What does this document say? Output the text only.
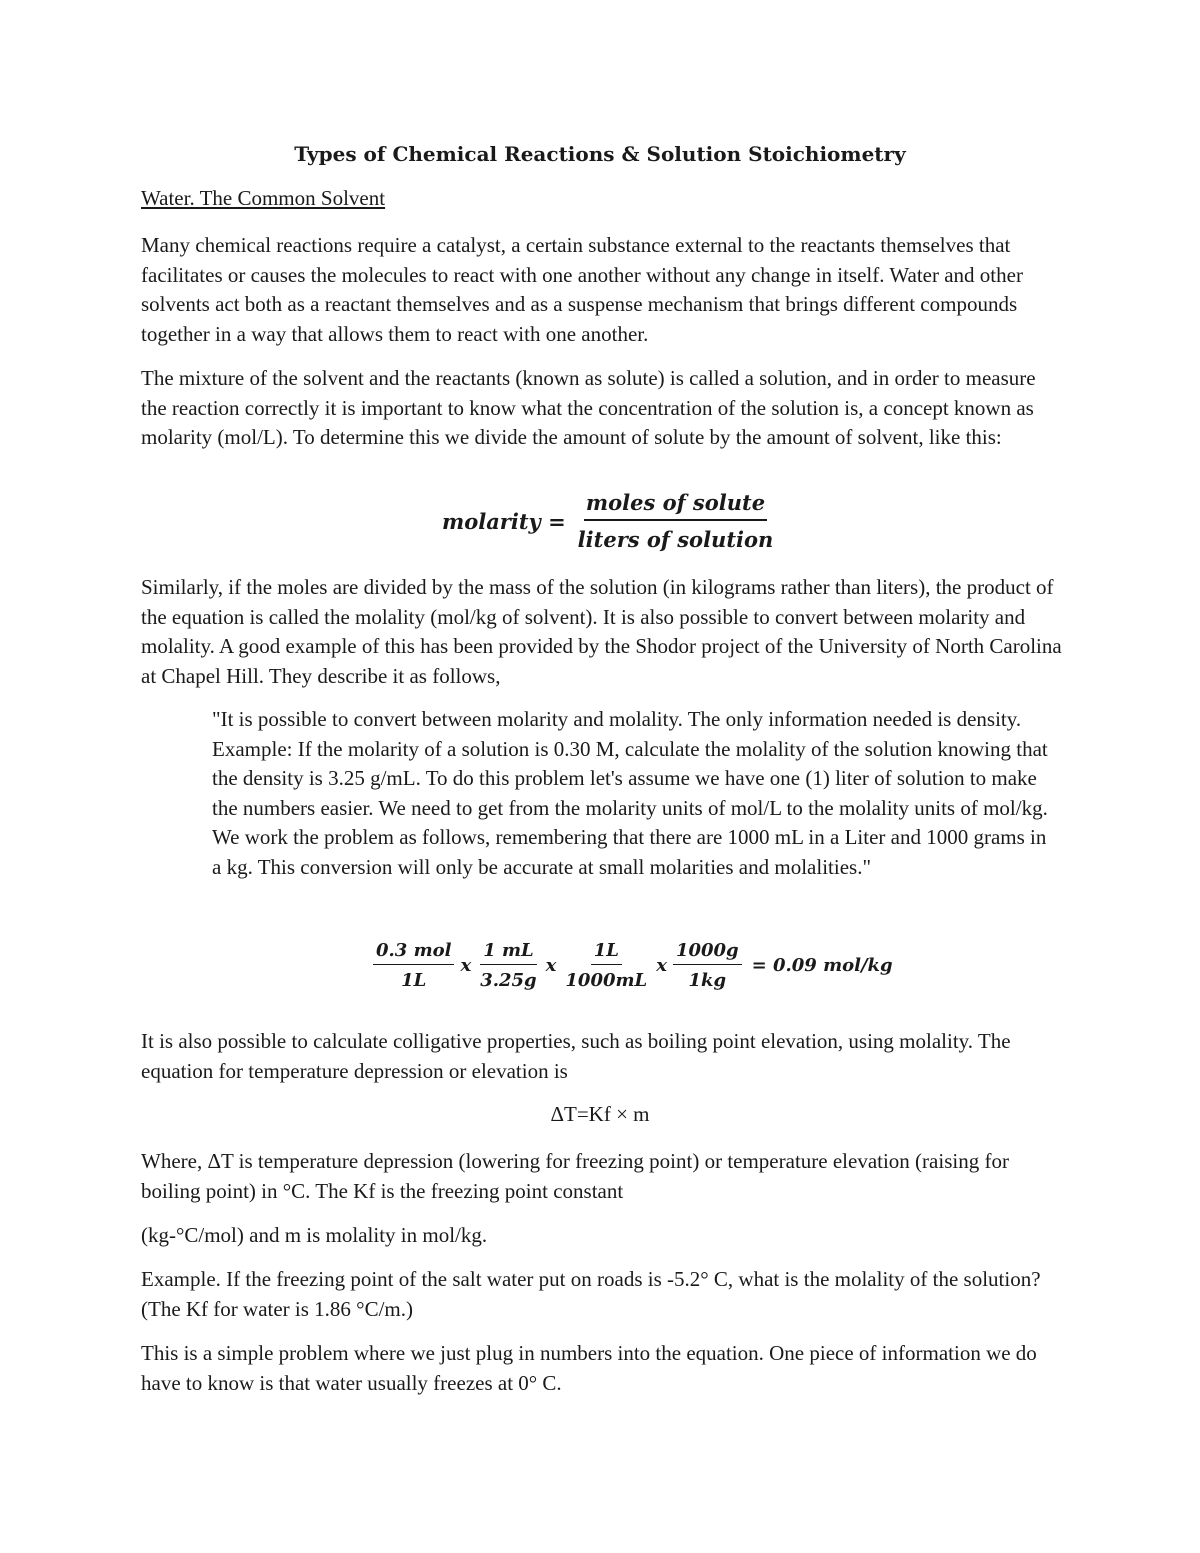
Types of Chemical Reactions & Solution Stoichiometry

Water. The Common Solvent

Many chemical reactions require a catalyst, a certain substance external to the reactants themselves that facilitates or causes the molecules to react with one another without any change in itself. Water and other solvents act both as a reactant themselves and as a suspense mechanism that brings different compounds together in a way that allows them to react with one another.

The mixture of the solvent and the reactants (known as solute) is called a solution, and in order to measure the reaction correctly it is important to know what the concentration of the solution is, a concept known as molarity (mol/L). To determine this we divide the amount of solute by the amount of solvent, like this:

molarity = $\frac{\text{moles of solute}}{\text{liters of solution}}$

Similarly, if the moles are divided by the mass of the solution (in kilograms rather than liters), the product of the equation is called the molality (mol/kg of solvent). It is also possible to convert between molarity and molality. A good example of this has been provided by the Shodor project of the University of North Carolina at Chapel Hill. They describe it as follows,

"It is possible to convert between molarity and molality. The only information needed is density. Example: If the molarity of a solution is 0.30 M, calculate the molality of the solution knowing that the density is 3.25 g/mL. To do this problem let's assume we have one (1) liter of solution to make the numbers easier. We need to get from the molarity units of mol/L to the molality units of mol/kg. We work the problem as follows, remembering that there are 1000 mL in a Liter and 1000 grams in a kg. This conversion will only be accurate at small molarities and molalities."

$\frac{\text{0.3 mol}}{1L}$ x $\frac{1 mL}{3.25g}$ x $\frac{1L}{1000mL}$ x $\frac{1000g}{1kg} = 0.09$ mol/kg

It is also possible to calculate colligative properties, such as boiling point elevation, using molality. The equation for temperature depression or elevation is

ΔT=Kf × m

Where, ΔT is temperature depression (lowering for freezing point) or temperature elevation (raising for boiling point) in °C. The Kf is the freezing point constant

(kg-°C/mol) and m is molality in mol/kg.

Example. If the freezing point of the salt water put on roads is -5.2° C, what is the molality of the solution? (The Kf for water is 1.86 °C/m.)

This is a simple problem where we just plug in numbers into the equation. One piece of information we do have to know is that water usually freezes at 0° C.
